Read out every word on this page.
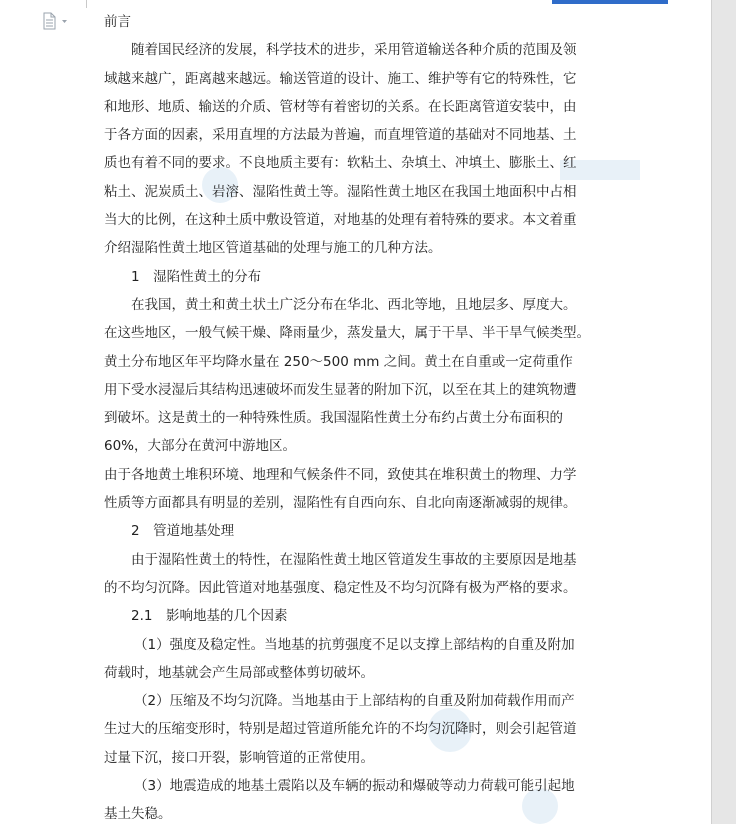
前言
随着国民经济的发展，科学技术的进步，采用管道输送各种介质的范围及领
域越来越广，距离越来越远。输送管道的设计、施工、维护等有它的特殊性，它
和地形、地质、输送的介质、管材等有着密切的关系。在长距离管道安装中，由
于各方面的因素，采用直埋的方法最为普遍，而直埋管道的基础对不同地基、土
质也有着不同的要求。不良地质主要有：软粘土、杂填土、冲填土、膨胀土、红
粘土、泥炭质土、岩溶、湿陷性黄土等。湿陷性黄土地区在我国土地面积中占相
当大的比例，在这种土质中敷设管道，对地基的处理有着特殊的要求。本文着重
介绍湿陷性黄土地区管道基础的处理与施工的几种方法。
1　湿陷性黄土的分布
在我国，黄土和黄土状土广泛分布在华北、西北等地，且地层多、厚度大。
在这些地区，一般气候干燥、降雨量少，蒸发量大，属于干旱、半干旱气候类型。
黄土分布地区年平均降水量在 250～500 mm 之间。黄土在自重或一定荷重作
用下受水浸湿后其结构迅速破坏而发生显著的附加下沉，以至在其上的建筑物遭
到破坏。这是黄土的一种特殊性质。我国湿陷性黄土分布约占黄土分布面积的
60%，大部分在黄河中游地区。
由于各地黄土堆积环境、地理和气候条件不同，致使其在堆积黄土的物理、力学
性质等方面都具有明显的差别，湿陷性有自西向东、自北向南逐渐减弱的规律。
2　管道地基处理
由于湿陷性黄土的特性，在湿陷性黄土地区管道发生事故的主要原因是地基
的不均匀沉降。因此管道对地基强度、稳定性及不均匀沉降有极为严格的要求。
2.1　影响地基的几个因素
（1）强度及稳定性。当地基的抗剪强度不足以支撑上部结构的自重及附加
荷载时，地基就会产生局部或整体剪切破坏。
（2）压缩及不均匀沉降。当地基由于上部结构的自重及附加荷载作用而产
生过大的压缩变形时，特别是超过管道所能允许的不均匀沉降时，则会引起管道
过量下沉，接口开裂，影响管道的正常使用。
（3）地震造成的地基土震陷以及车辆的振动和爆破等动力荷载可能引起地
基土失稳。
